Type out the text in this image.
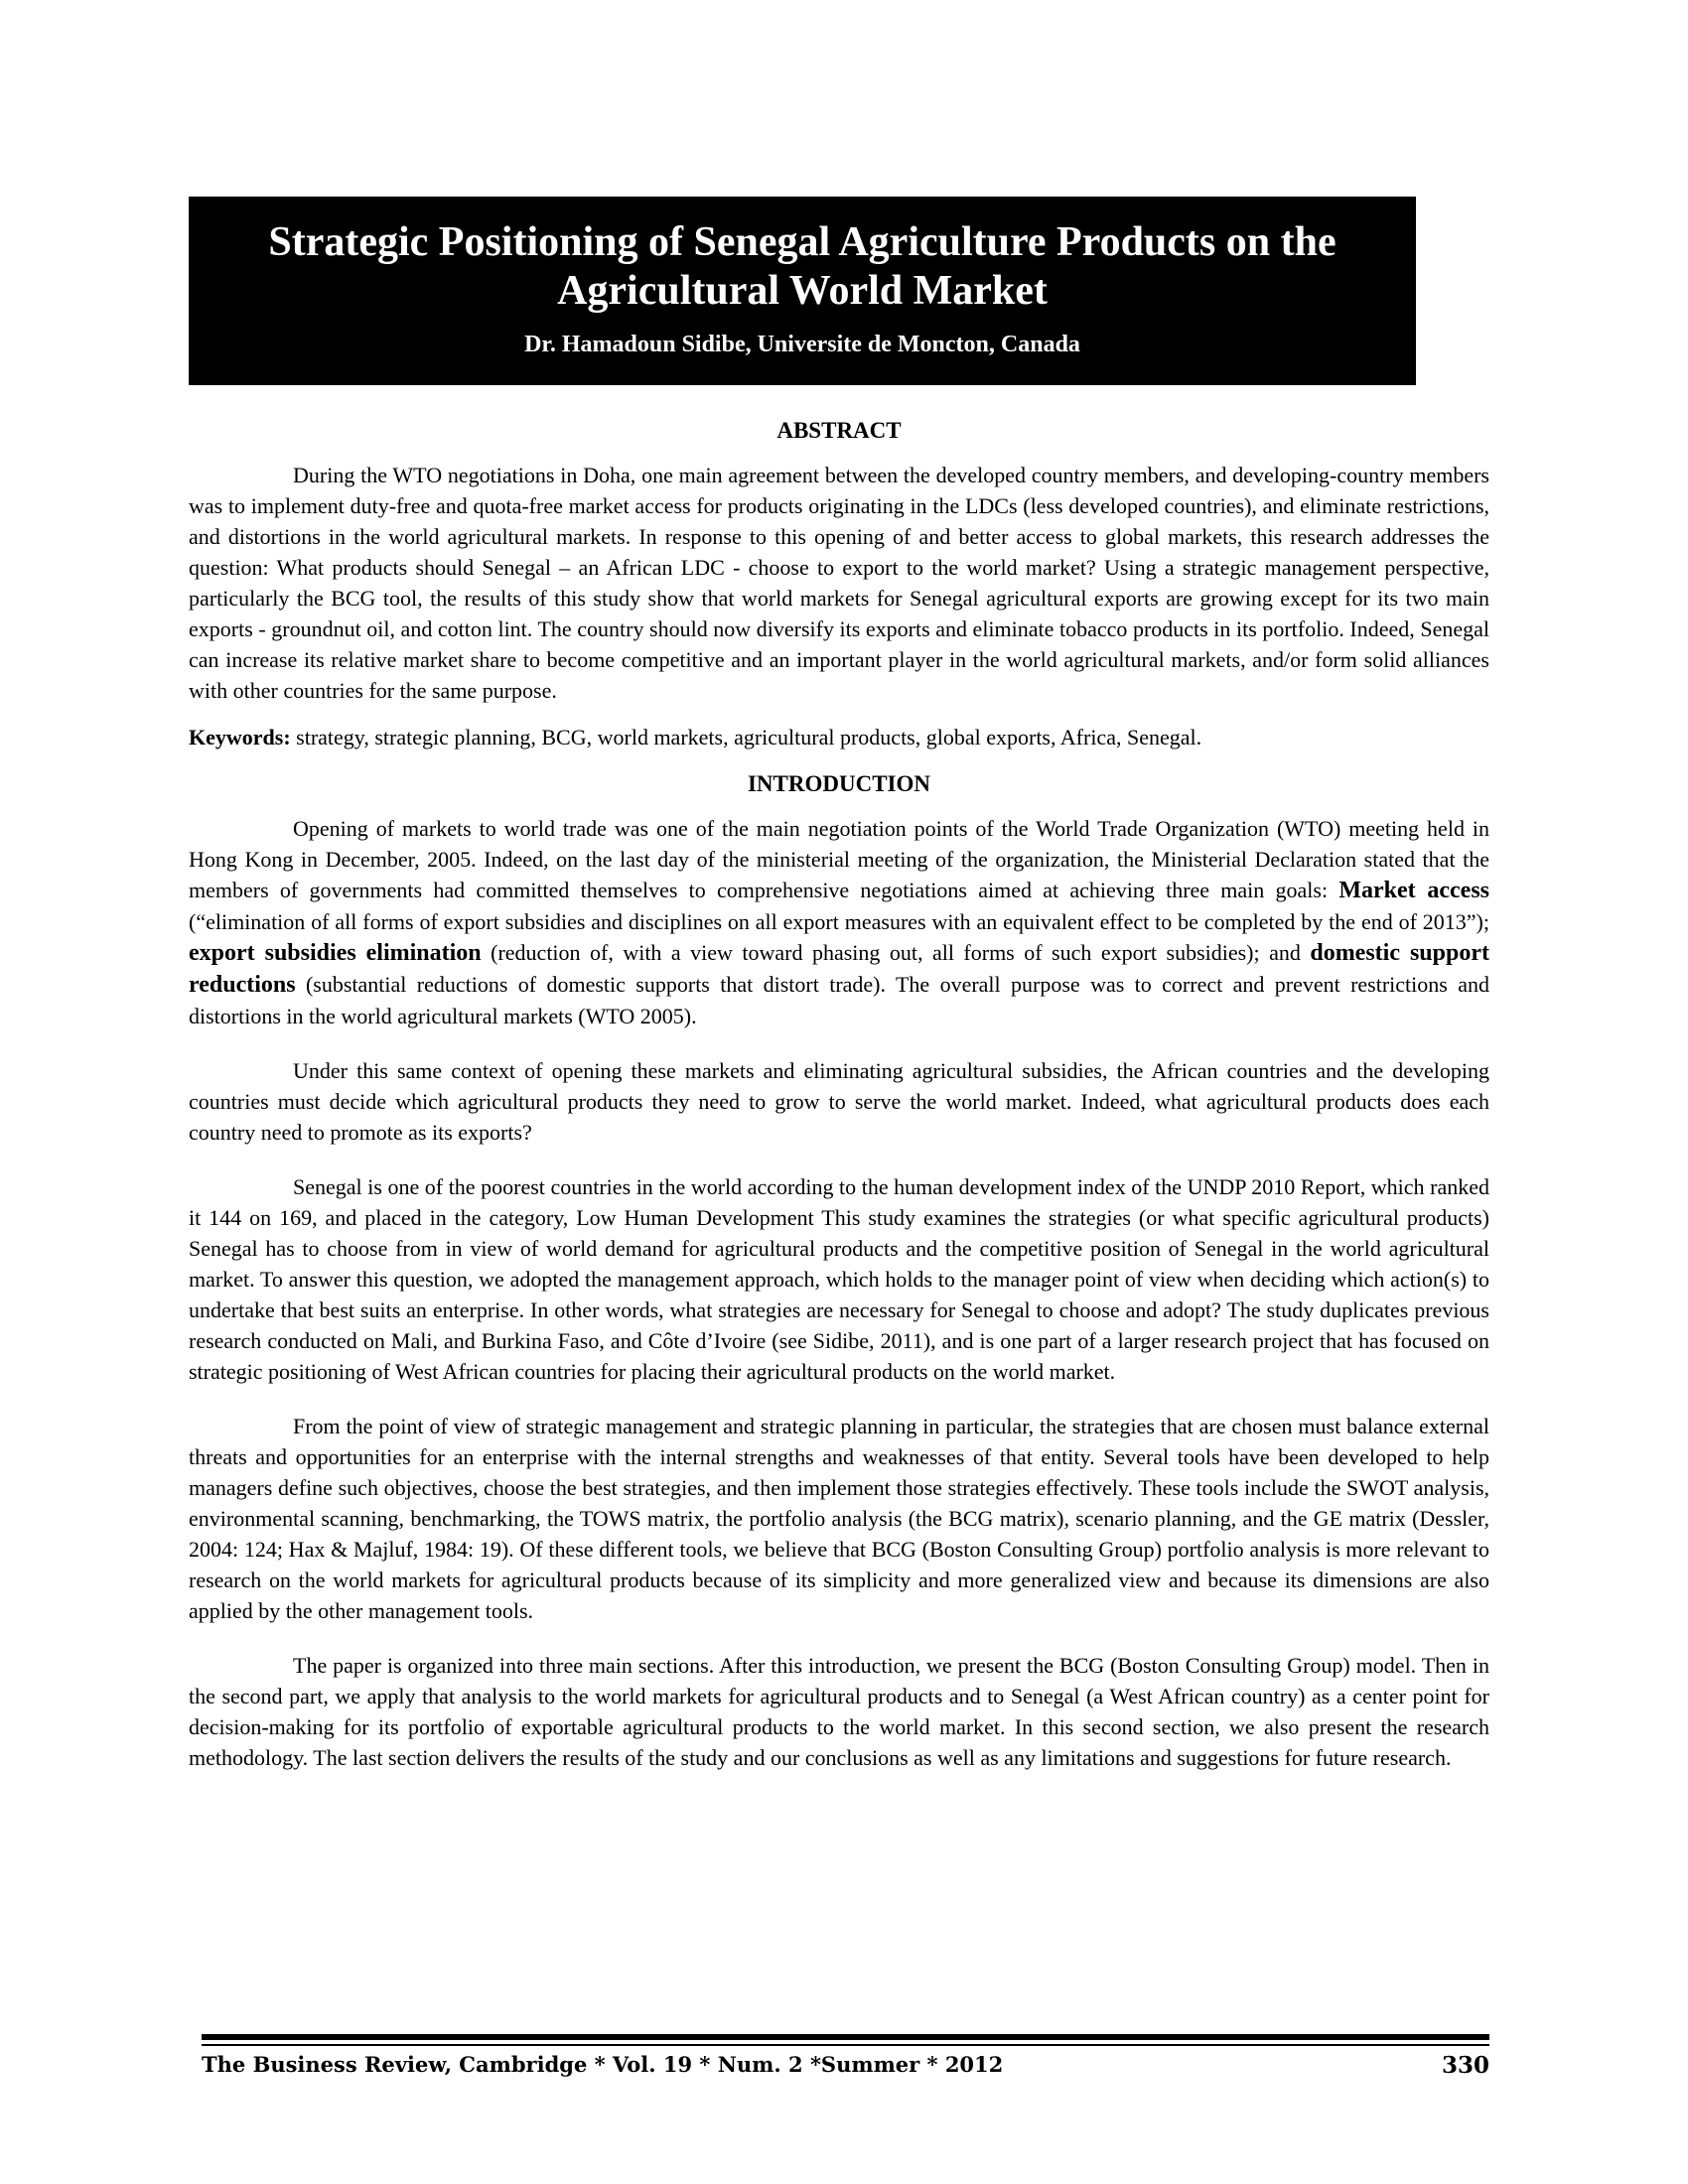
Strategic Positioning of Senegal Agriculture Products on the Agricultural World Market
Dr. Hamadoun Sidibe, Universite de Moncton, Canada

ABSTRACT

During the WTO negotiations in Doha, one main agreement between the developed country members, and developing-country members was to implement duty-free and quota-free market access for products originating in the LDCs (less developed countries), and eliminate restrictions, and distortions in the world agricultural markets. In response to this opening of and better access to global markets, this research addresses the question: What products should Senegal – an African LDC - choose to export to the world market? Using a strategic management perspective, particularly the BCG tool, the results of this study show that world markets for Senegal agricultural exports are growing except for its two main exports - groundnut oil, and cotton lint. The country should now diversify its exports and eliminate tobacco products in its portfolio. Indeed, Senegal can increase its relative market share to become competitive and an important player in the world agricultural markets, and/or form solid alliances with other countries for the same purpose.

Keywords: strategy, strategic planning, BCG, world markets, agricultural products, global exports, Africa, Senegal.

INTRODUCTION

Opening of markets to world trade was one of the main negotiation points of the World Trade Organization (WTO) meeting held in Hong Kong in December, 2005. Indeed, on the last day of the ministerial meeting of the organization, the Ministerial Declaration stated that the members of governments had committed themselves to comprehensive negotiations aimed at achieving three main goals: Market access (“elimination of all forms of export subsidies and disciplines on all export measures with an equivalent effect to be completed by the end of 2013”); export subsidies elimination (reduction of, with a view toward phasing out, all forms of such export subsidies); and domestic support reductions (substantial reductions of domestic supports that distort trade). The overall purpose was to correct and prevent restrictions and distortions in the world agricultural markets (WTO 2005).

Under this same context of opening these markets and eliminating agricultural subsidies, the African countries and the developing countries must decide which agricultural products they need to grow to serve the world market. Indeed, what agricultural products does each country need to promote as its exports?

Senegal is one of the poorest countries in the world according to the human development index of the UNDP 2010 Report, which ranked it 144 on 169, and placed in the category, Low Human Development This study examines the strategies (or what specific agricultural products) Senegal has to choose from in view of world demand for agricultural products and the competitive position of Senegal in the world agricultural market. To answer this question, we adopted the management approach, which holds to the manager point of view when deciding which action(s) to undertake that best suits an enterprise. In other words, what strategies are necessary for Senegal to choose and adopt? The study duplicates previous research conducted on Mali, and Burkina Faso, and Côte d’Ivoire (see Sidibe, 2011), and is one part of a larger research project that has focused on strategic positioning of West African countries for placing their agricultural products on the world market.

From the point of view of strategic management and strategic planning in particular, the strategies that are chosen must balance external threats and opportunities for an enterprise with the internal strengths and weaknesses of that entity. Several tools have been developed to help managers define such objectives, choose the best strategies, and then implement those strategies effectively. These tools include the SWOT analysis, environmental scanning, benchmarking, the TOWS matrix, the portfolio analysis (the BCG matrix), scenario planning, and the GE matrix (Dessler, 2004: 124; Hax & Majluf, 1984: 19). Of these different tools, we believe that BCG (Boston Consulting Group) portfolio analysis is more relevant to research on the world markets for agricultural products because of its simplicity and more generalized view and because its dimensions are also applied by the other management tools.

The paper is organized into three main sections. After this introduction, we present the BCG (Boston Consulting Group) model. Then in the second part, we apply that analysis to the world markets for agricultural products and to Senegal (a West African country) as a center point for decision-making for its portfolio of exportable agricultural products to the world market. In this second section, we also present the research methodology. The last section delivers the results of the study and our conclusions as well as any limitations and suggestions for future research.

The Business Review, Cambridge * Vol. 19 * Num. 2 *Summer * 2012	330
